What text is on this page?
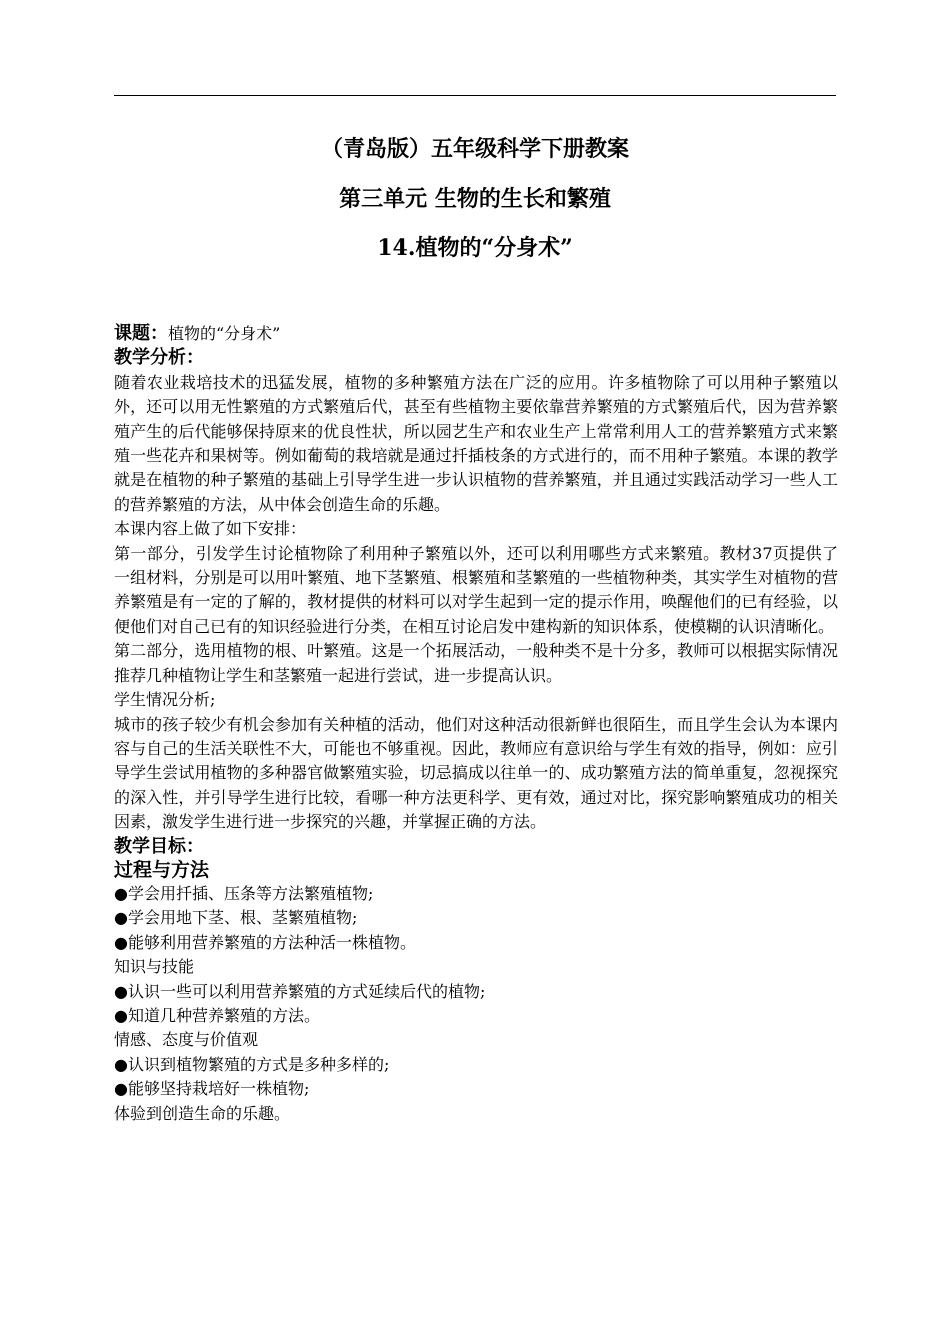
（青岛版）五年级科学下册教案
第三单元 生物的生长和繁殖
14.植物的“分身术”

课题：植物的“分身术”

教学分析：

随着农业栽培技术的迅猛发展，植物的多种繁殖方法在广泛的应用。许多植物除了可以用种子繁殖以外，还可以用无性繁殖的方式繁殖后代，甚至有些植物主要依靠营养繁殖的方式繁殖后代，因为营养繁殖产生的后代能够保持原来的优良性状，所以园艺生产和农业生产上常常利用人工的营养繁殖方式来繁殖一些花卉和果树等。例如葡萄的栽培就是通过扦插枝条的方式进行的，而不用种子繁殖。本课的教学就是在植物的种子繁殖的基础上引导学生进一步认识植物的营养繁殖，并且通过实践活动学习一些人工的营养繁殖的方法，从中体会创造生命的乐趣。

本课内容上做了如下安排：

第一部分，引发学生讨论植物除了利用种子繁殖以外，还可以利用哪些方式来繁殖。教材37页提供了一组材料，分别是可以用叶繁殖、地下茎繁殖、根繁殖和茎繁殖的一些植物种类，其实学生对植物的营养繁殖是有一定的了解的，教材提供的材料可以对学生起到一定的提示作用，唤醒他们的已有经验，以便他们对自己已有的知识经验进行分类，在相互讨论启发中建构新的知识体系，使模糊的认识清晰化。

第二部分，选用植物的根、叶繁殖。这是一个拓展活动，一般种类不是十分多，教师可以根据实际情况推荐几种植物让学生和茎繁殖一起进行尝试，进一步提高认识。

学生情况分析;

城市的孩子较少有机会参加有关种植的活动，他们对这种活动很新鲜也很陌生，而且学生会认为本课内容与自己的生活关联性不大，可能也不够重视。因此，教师应有意识给与学生有效的指导，例如：应引导学生尝试用植物的多种器官做繁殖实验，切忌搞成以往单一的、成功繁殖方法的简单重复，忽视探究的深入性，并引导学生进行比较，看哪一种方法更科学、更有效，通过对比，探究影响繁殖成功的相关因素，激发学生进行进一步探究的兴趣，并掌握正确的方法。

教学目标：

过程与方法

●学会用扦插、压条等方法繁殖植物;

●学会用地下茎、根、茎繁殖植物;

●能够利用营养繁殖的方法种活一株植物。

知识与技能

●认识一些可以利用营养繁殖的方式延续后代的植物;

●知道几种营养繁殖的方法。

情感、态度与价值观

●认识到植物繁殖的方式是多种多样的;

●能够坚持栽培好一株植物;

体验到创造生命的乐趣。
